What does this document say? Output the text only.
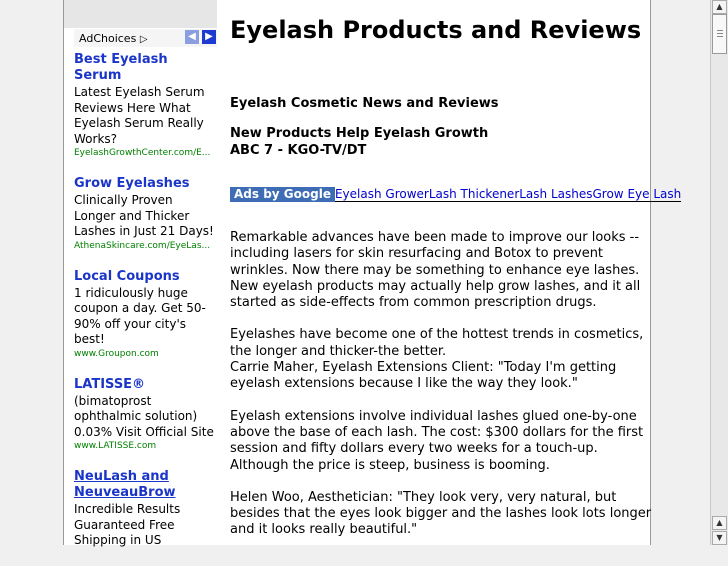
AdChoices ▷	◀ ▶
Best Eyelash Serum
Latest Eyelash Serum Reviews Here What Eyelash Serum Really Works?
EyelashGrowthCenter.com/E...
Grow Eyelashes
Clinically Proven Longer and Thicker Lashes in Just 21 Days!
AthenaSkincare.com/EyeLas...
Local Coupons
1 ridiculously huge coupon a day. Get 50-90% off your city's best!
www.Groupon.com
LATISSE®
(bimatoprost ophthalmic solution) 0.03% Visit Official Site
www.LATISSE.com
NeuLash and NeuveauBrow
Incredible Results Guaranteed Free Shipping in US
Eyelash Products and Reviews
Eyelash Cosmetic News and Reviews
New Products Help Eyelash Growth
ABC 7 - KGO-TV/DT
Ads by Google Eyelash GrowerLash ThickenerLash LashesGrow Eye Lash

Remarkable advances have been made to improve our looks -- including lasers for skin resurfacing and Botox to prevent wrinkles. Now there may be something to enhance eye lashes. New eyelash products may actually help grow lashes, and it all started as side-effects from common prescription drugs.

Eyelashes have become one of the hottest trends in cosmetics, the longer and thicker-the better.

Carrie Maher, Eyelash Extensions Client: "Today I'm getting eyelash extensions because I like the way they look."

Eyelash extensions involve individual lashes glued one-by-one above the base of each lash. The cost: $300 dollars for the first session and fifty dollars every two weeks for a touch-up. Although the price is steep, business is booming.

Helen Woo, Aesthetician: "They look very, very natural, but besides that the eyes look bigger and the lashes look lots longer and it looks really beautiful."

▲
▲
▼
